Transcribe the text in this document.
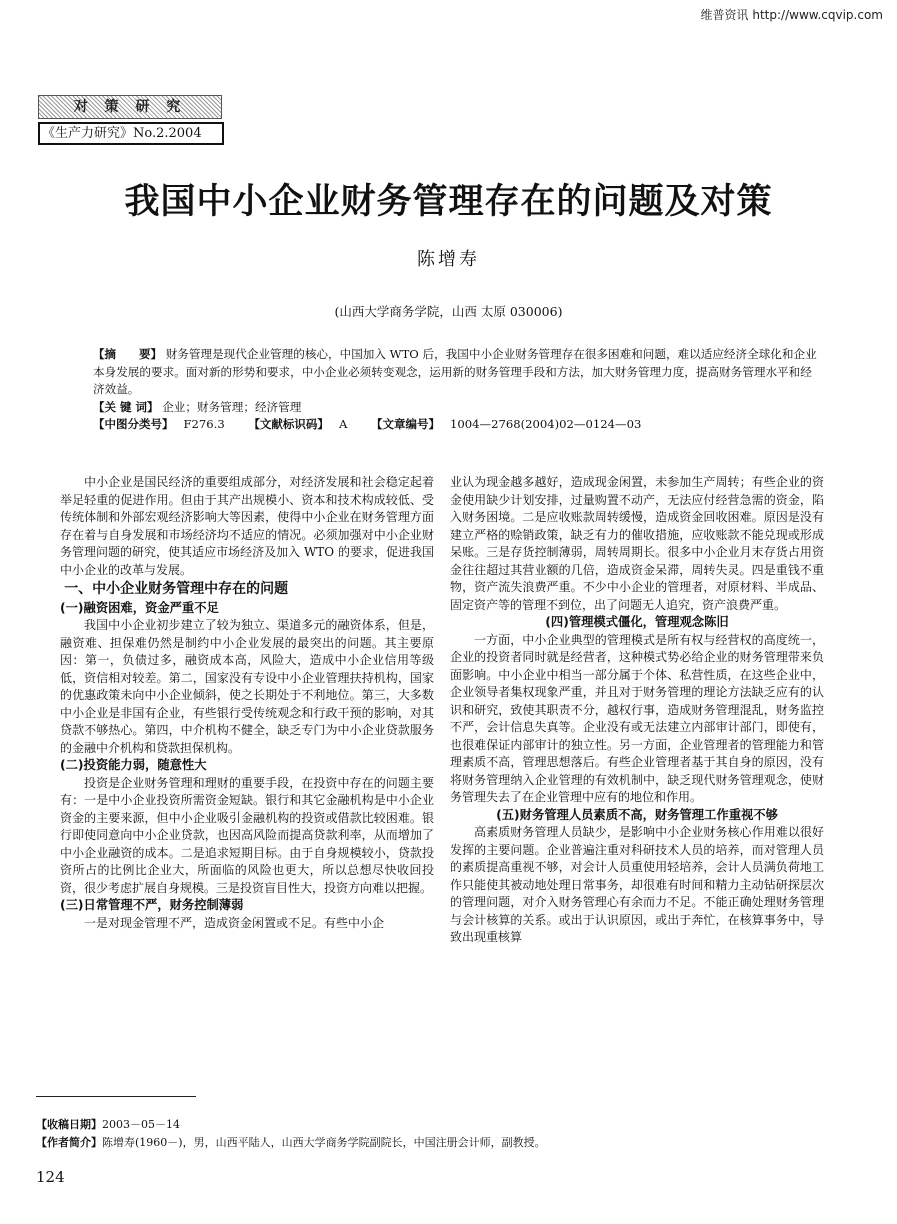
维普资讯 http://www.cqvip.com
对 策 研 究
《生产力研究》No.2.2004
我国中小企业财务管理存在的问题及对策
陈增寿
(山西大学商务学院，山西 太原 030006)

【摘　　要】 财务管理是现代企业管理的核心，中国加入 WTO 后，我国中小企业财务管理存在很多困难和问题，难以适应经济全球化和企业本身发展的要求。面对新的形势和要求，中小企业必须转变观念，运用新的财务管理手段和方法，加大财务管理力度，提高财务管理水平和经济效益。

【关 键 词】 企业；财务管理；经济管理

【中图分类号】 F276.3 【文献标识码】 A 【文章编号】 1004—2768(2004)02—0124—03

中小企业是国民经济的重要组成部分，对经济发展和社会稳定起着举足轻重的促进作用。但由于其产出规模小、资本和技术构成较低、受传统体制和外部宏观经济影响大等因素，使得中小企业在财务管理方面存在着与自身发展和市场经济均不适应的情况。必须加强对中小企业财务管理问题的研究，使其适应市场经济及加入 WTO 的要求，促进我国中小企业的改革与发展。

一、中小企业财务管理中存在的问题
(一)融资困难，资金严重不足

我国中小企业初步建立了较为独立、渠道多元的融资体系，但是，融资难、担保难仍然是制约中小企业发展的最突出的问题。其主要原因：第一，负债过多，融资成本高，风险大，造成中小企业信用等级低，资信相对较差。第二，国家没有专设中小企业管理扶持机构，国家的优惠政策未向中小企业倾斜，使之长期处于不利地位。第三，大多数中小企业是非国有企业，有些银行受传统观念和行政干预的影响，对其贷款不够热心。第四，中介机构不健全，缺乏专门为中小企业贷款服务的金融中介机构和贷款担保机构。

(二)投资能力弱，随意性大

投资是企业财务管理和理财的重要手段，在投资中存在的问题主要有：一是中小企业投资所需资金短缺。银行和其它金融机构是中小企业资金的主要来源，但中小企业吸引金融机构的投资或借款比较困难。银行即使同意向中小企业贷款，也因高风险而提高贷款利率，从而增加了中小企业融资的成本。二是追求短期目标。由于自身规模较小，贷款投资所占的比例比企业大，所面临的风险也更大，所以总想尽快收回投资，很少考虑扩展自身规模。三是投资盲目性大，投资方向难以把握。

(三)日常管理不严，财务控制薄弱

一是对现金管理不严，造成资金闲置或不足。有些中小企

业认为现金越多越好，造成现金闲置，未参加生产周转；有些企业的资金使用缺少计划安排，过量购置不动产，无法应付经营急需的资金，陷入财务困境。二是应收账款周转缓慢，造成资金回收困难。原因是没有建立严格的赊销政策，缺乏有力的催收措施，应收账款不能兑现或形成呆账。三是存货控制薄弱，周转周期长。很多中小企业月末存货占用资金往往超过其营业额的几倍，造成资金呆滞，周转失灵。四是重钱不重物，资产流失浪费严重。不少中小企业的管理者，对原材料、半成品、固定资产等的管理不到位，出了问题无人追究，资产浪费严重。

(四)管理模式僵化，管理观念陈旧

一方面，中小企业典型的管理模式是所有权与经营权的高度统一，企业的投资者同时就是经营者，这种模式势必给企业的财务管理带来负面影响。中小企业中相当一部分属于个体、私营性质，在这些企业中，企业领导者集权现象严重，并且对于财务管理的理论方法缺乏应有的认识和研究，致使其职责不分，越权行事，造成财务管理混乱，财务监控不严，会计信息失真等。企业没有或无法建立内部审计部门，即使有，也很难保证内部审计的独立性。另一方面，企业管理者的管理能力和管理素质不高，管理思想落后。有些企业管理者基于其自身的原因，没有将财务管理纳入企业管理的有效机制中，缺乏现代财务管理观念，使财务管理失去了在企业管理中应有的地位和作用。

(五)财务管理人员素质不高，财务管理工作重视不够

高素质财务管理人员缺少，是影响中小企业财务核心作用难以很好发挥的主要问题。企业普遍注重对科研技术人员的培养，而对管理人员的素质提高重视不够，对会计人员重使用轻培养，会计人员满负荷地工作只能使其被动地处理日常事务，却很难有时间和精力主动钻研探层次的管理问题，对介入财务管理心有余而力不足。不能正确处理财务管理与会计核算的关系。或出于认识原因，或出于奔忙，在核算事务中，导致出现重核算

【收稿日期】2003－05－14
【作者简介】陈增寿(1960－)，男，山西平陆人，山西大学商务学院副院长，中国注册会计师，副教授。
124
